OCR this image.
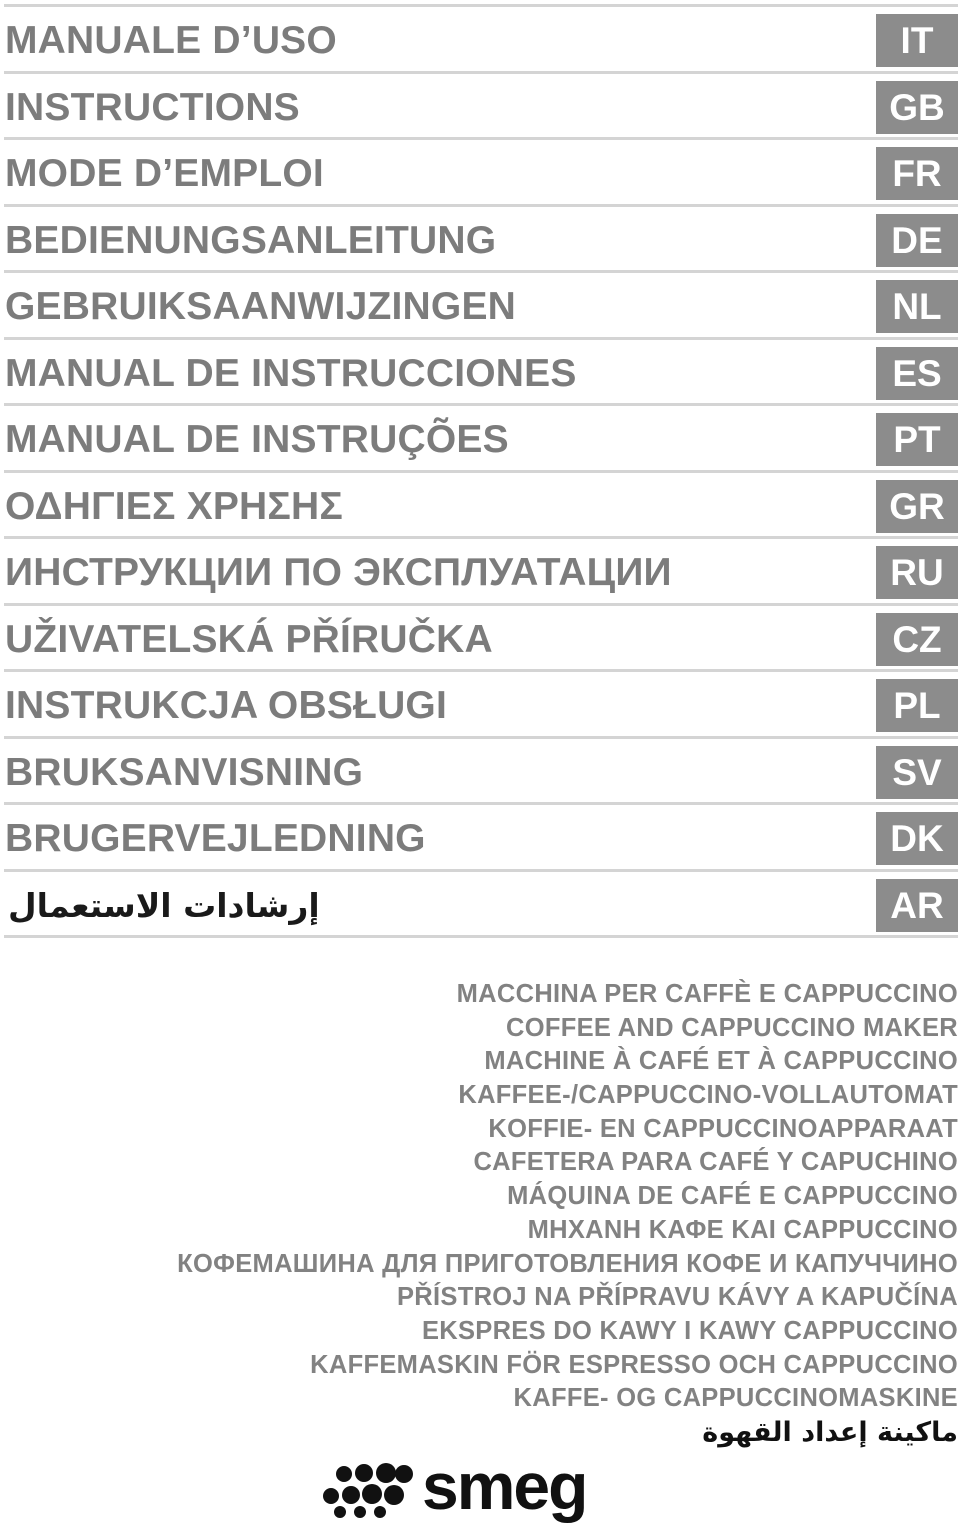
MANUALE D’USO	IT
INSTRUCTIONS	GB
MODE D’EMPLOI	FR
BEDIENUNGSANLEITUNG	DE
GEBRUIKSAANWIJZINGEN	NL
MANUAL DE INSTRUCCIONES	ES
MANUAL DE INSTRUÇÕES	PT
ΟΔΗΓΙΕΣ ΧΡΗΣΗΣ	GR
ИНСТРУКЦИИ ПО ЭКСПЛУАТАЦИИ	RU
UŽIVATELSKÁ PŘÍRUČKA	CZ
INSTRUKCJA OBSŁUGI	PL
BRUKSANVISNING	SV
BRUGERVEJLEDNING	DK
إرشادات الاستعمال	AR
MACCHINA PER CAFFÈ E CAPPUCCINO
COFFEE AND CAPPUCCINO MAKER
MACHINE À CAFÉ ET À CAPPUCCINO
KAFFEE-/CAPPUCCINO-VOLLAUTOMAT
KOFFIE- EN CAPPUCCINOAPPARAAT
CAFETERA PARA CAFÉ Y CAPUCHINO
MÁQUINA DE CAFÉ E CAPPUCCINO
ΜΗΧΑΝΗ ΚΑΦΕ ΚΑΙ CAPPUCCINO
КОФЕМАШИНА ДЛЯ ПРИГОТОВЛЕНИЯ КОФЕ И КАПУЧЧИНО
PŘÍSTROJ NA PŘÍPRAVU KÁVY A KAPUČÍNA
EKSPRES DO KAWY I KAWY CAPPUCCINO
KAFFEMASKIN FÖR ESPRESSO OCH CAPPUCCINO
KAFFE- OG CAPPUCCINOMASKINE
ماكينة إعداد القهوة
smeg
